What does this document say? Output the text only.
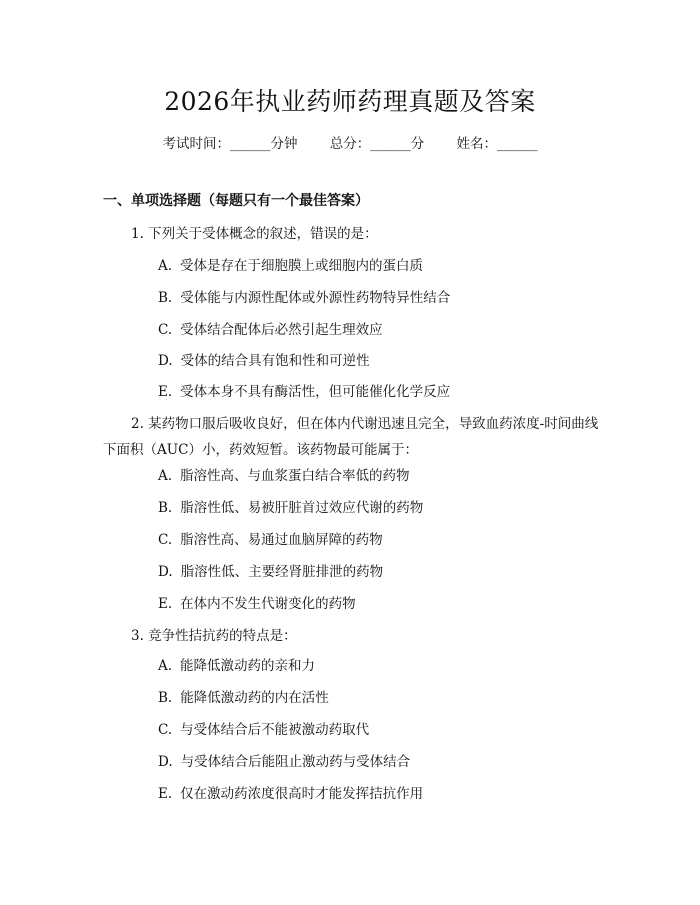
2026年执业药师药理真题及答案
考试时间：______分钟 总分：______分 姓名：______
一、单项选择题（每题只有一个最佳答案）
1. 下列关于受体概念的叙述，错误的是：
A. 受体是存在于细胞膜上或细胞内的蛋白质
B. 受体能与内源性配体或外源性药物特异性结合
C. 受体结合配体后必然引起生理效应
D. 受体的结合具有饱和性和可逆性
E. 受体本身不具有酶活性，但可能催化化学反应
2. 某药物口服后吸收良好，但在体内代谢迅速且完全，导致血药浓度-时间曲线下面积（AUC）小，药效短暂。该药物最可能属于：
A. 脂溶性高、与血浆蛋白结合率低的药物
B. 脂溶性低、易被肝脏首过效应代谢的药物
C. 脂溶性高、易通过血脑屏障的药物
D. 脂溶性低、主要经肾脏排泄的药物
E. 在体内不发生代谢变化的药物
3. 竞争性拮抗药的特点是：
A. 能降低激动药的亲和力
B. 能降低激动药的内在活性
C. 与受体结合后不能被激动药取代
D. 与受体结合后能阻止激动药与受体结合
E. 仅在激动药浓度很高时才能发挥拮抗作用
